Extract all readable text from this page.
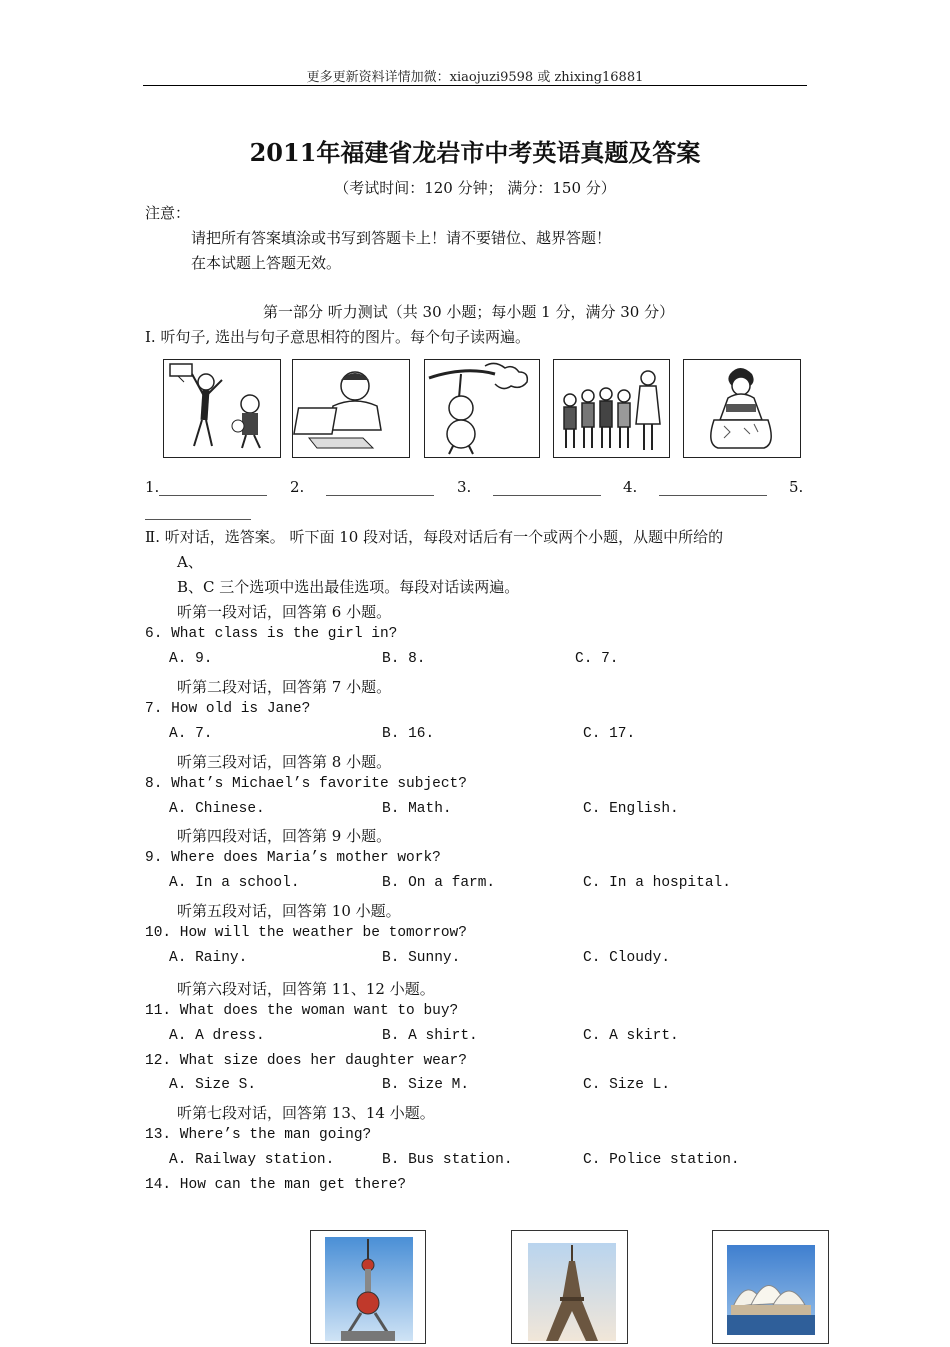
更多更新资料详情加微：xiaojuzi9598 或 zhixing16881
2011年福建省龙岩市中考英语真题及答案
（考试时间：120 分钟； 满分：150 分）
注意：
请把所有答案填涂或书写到答题卡上！请不要错位、越界答题！
在本试题上答题无效。
第一部分 听力测试（共 30 小题；每小题 1 分，满分 30 分）
Ⅰ. 听句子, 选出与句子意思相符的图片。每个句子读两遍。
1.	2.	3.	4.	5.
Ⅱ. 听对话，选答案。 听下面 10 段对话，每段对话后有一个或两个小题，从题中所给的
A、
B、C 三个选项中选出最佳选项。每段对话读两遍。
听第一段对话，回答第 6 小题。
6. What class is the girl in?
A. 9.	B. 8.	C. 7.
听第二段对话，回答第 7 小题。
7. How old is Jane?
A. 7.	B. 16.	C. 17.
听第三段对话，回答第 8 小题。
8. What’s Michael’s favorite subject?
A. Chinese.	B. Math.	C. English.
听第四段对话，回答第 9 小题。
9. Where does Maria’s mother work?
A. In a school.	B. On a farm.	C. In a hospital.
听第五段对话，回答第 10 小题。
10. How will the weather be tomorrow?
A. Rainy.	B. Sunny.	C. Cloudy.
听第六段对话，回答第 11、12 小题。
11. What does the woman want to buy?
A. A dress.	B. A shirt.	C. A skirt.
12. What size does her daughter wear?
A. Size S.	B. Size M.	C. Size L.
听第七段对话，回答第 13、14 小题。
13. Where’s the man going?
A. Railway station.	B. Bus station.	C. Police station.
14. How can the man get there?
